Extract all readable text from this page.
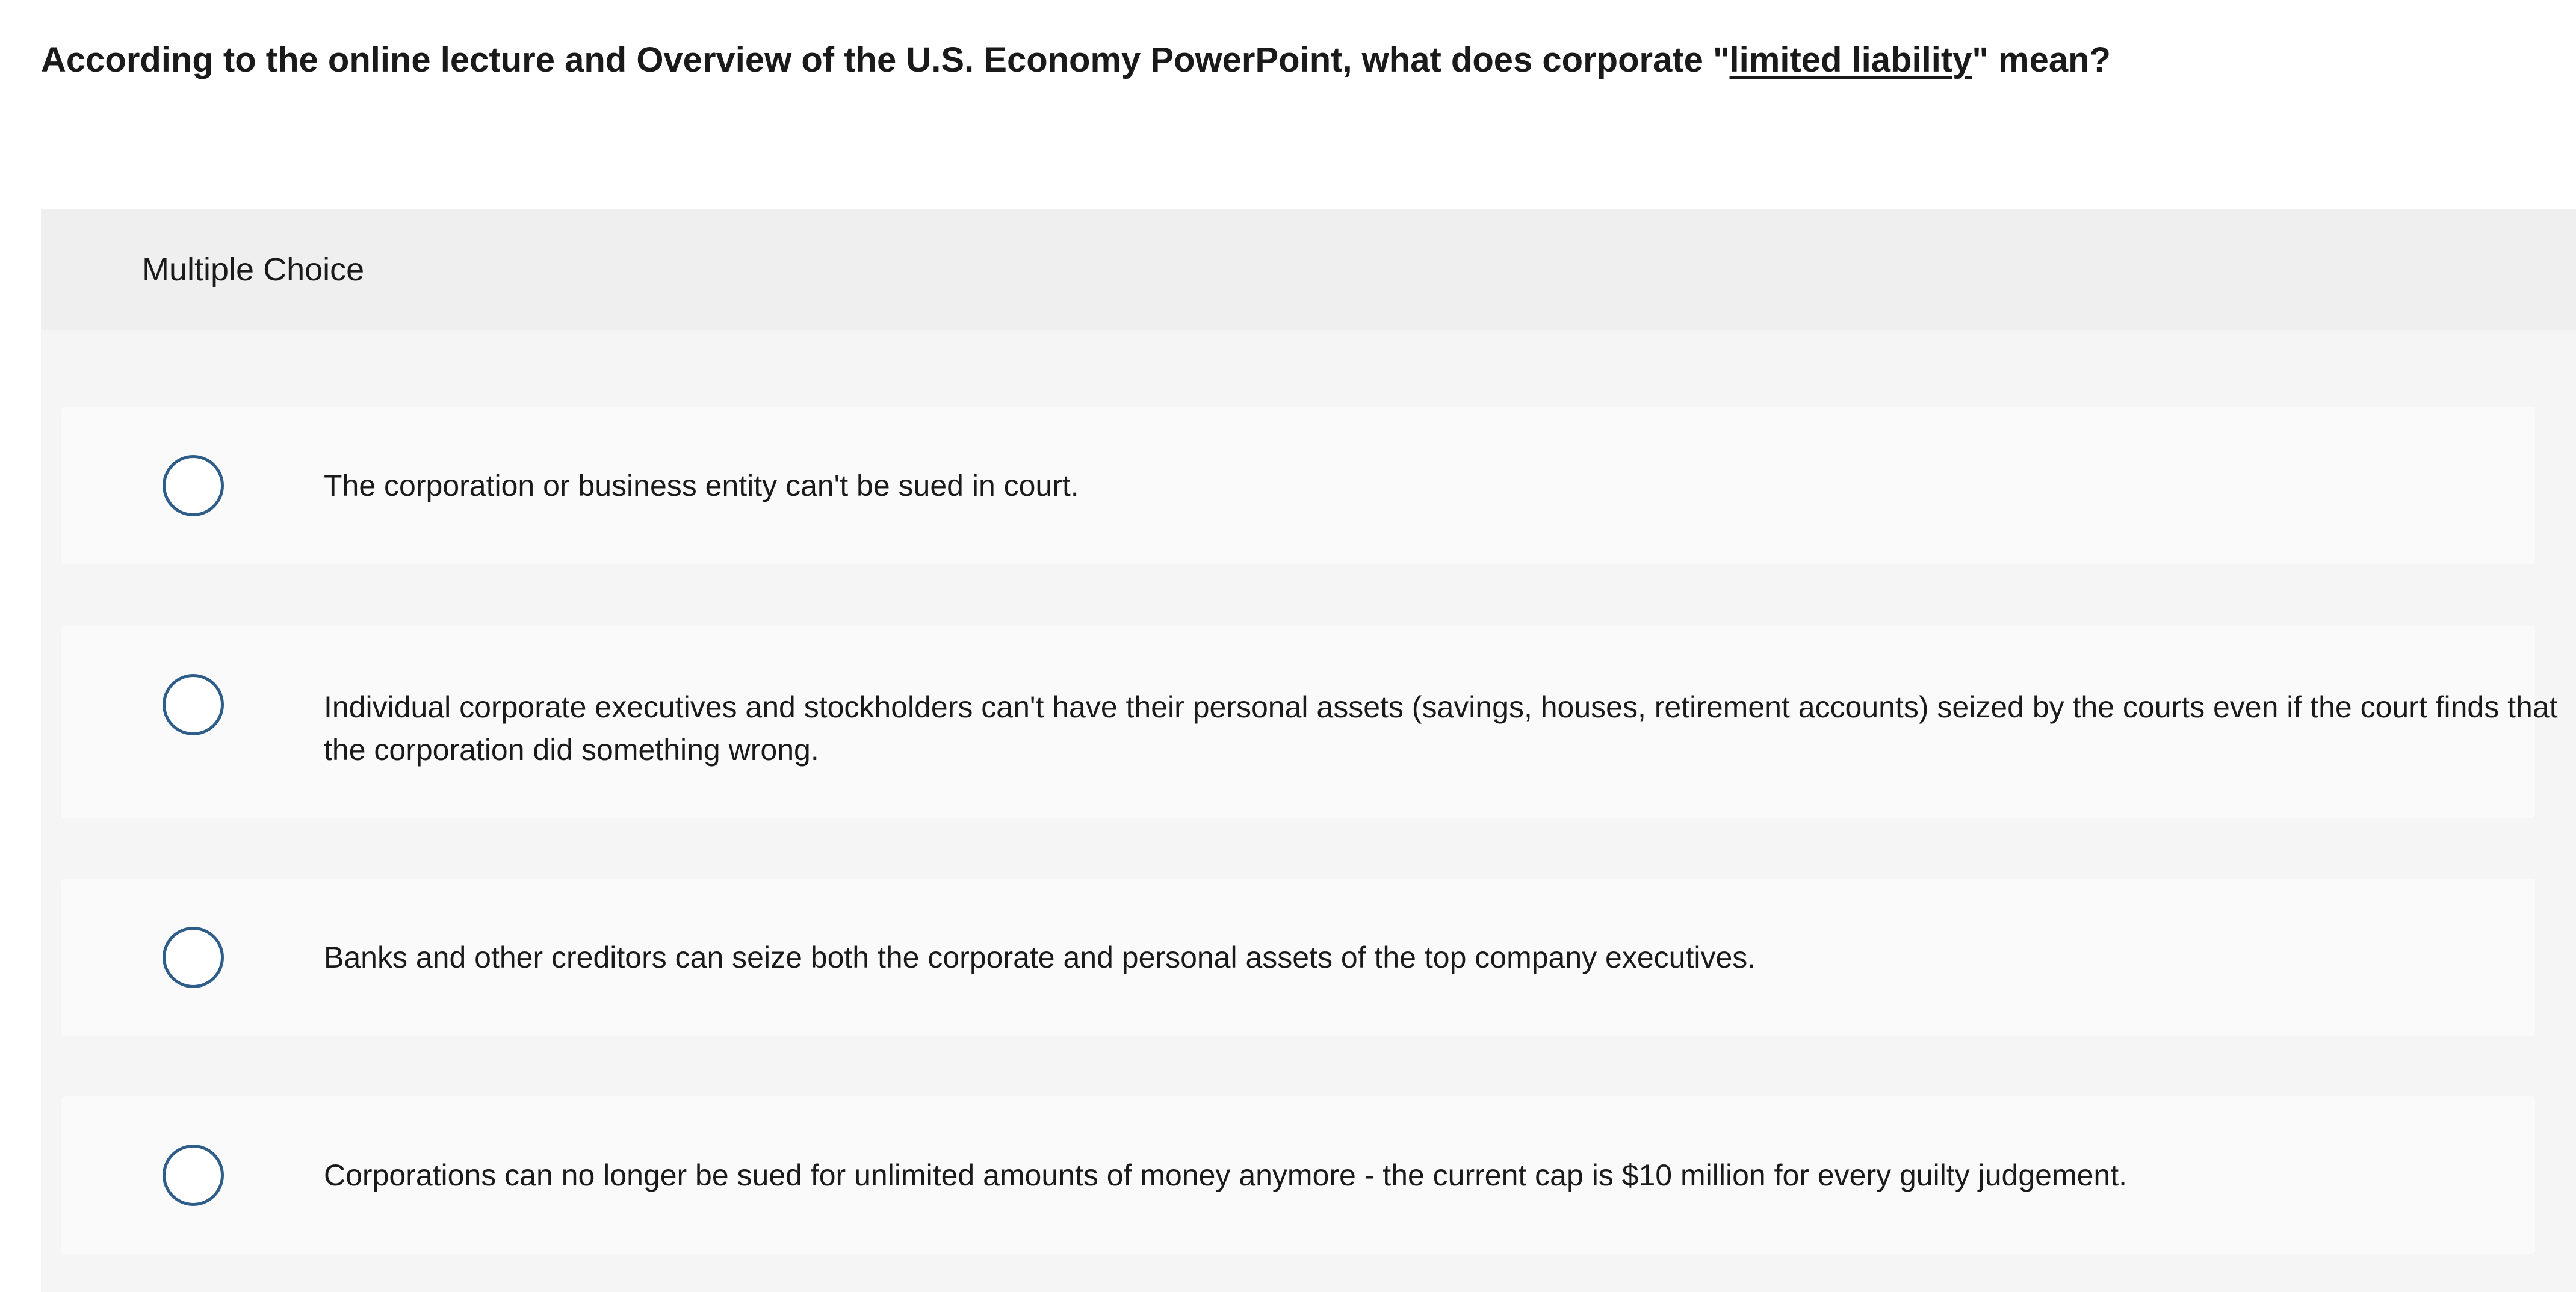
According to the online lecture and Overview of the U.S. Economy PowerPoint, what does corporate "limited liability" mean?
Multiple Choice
The corporation or business entity can't be sued in court.
Individual corporate executives and stockholders can't have their personal assets (savings, houses, retirement accounts) seized by the courts even if the court finds that the corporation did something wrong.
Banks and other creditors can seize both the corporate and personal assets of the top company executives.
Corporations can no longer be sued for unlimited amounts of money anymore - the current cap is $10 million for every guilty judgement.
